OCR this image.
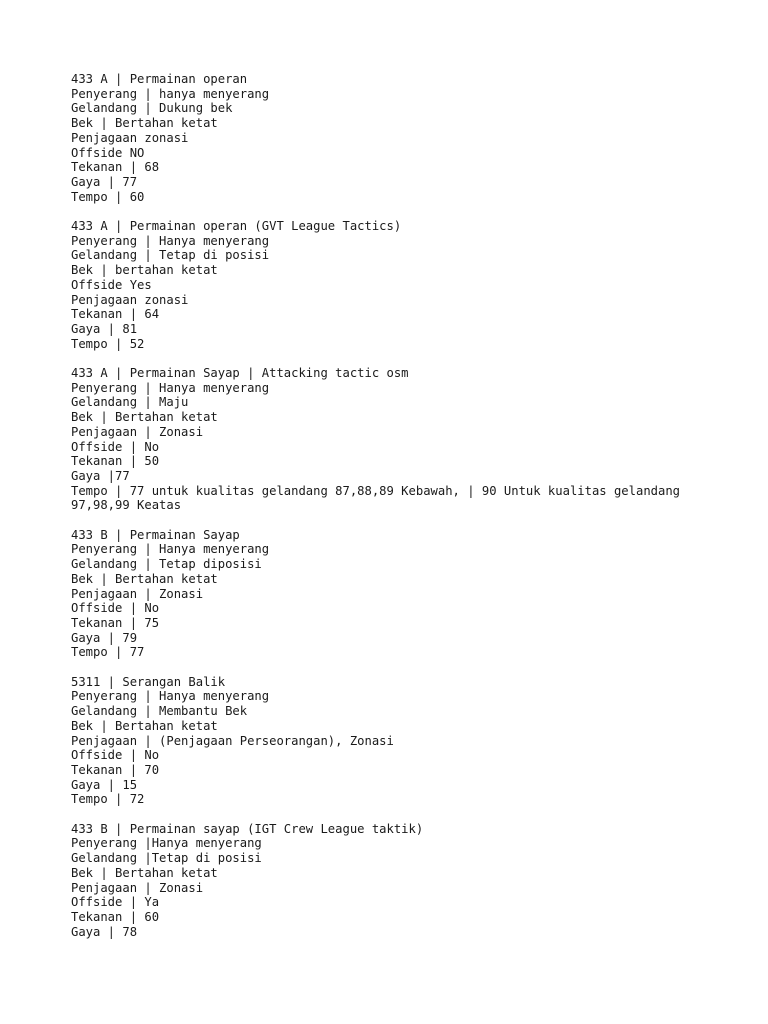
433 A | Permainan operan
Penyerang | hanya menyerang
Gelandang | Dukung bek
Bek | Bertahan ketat
Penjagaan zonasi
Offside NO
Tekanan | 68
Gaya | 77
Tempo | 60
433 A | Permainan operan (GVT League Tactics)
Penyerang | Hanya menyerang
Gelandang | Tetap di posisi
Bek | bertahan ketat
Offside Yes
Penjagaan zonasi
Tekanan | 64
Gaya | 81
Tempo | 52
433 A | Permainan Sayap | Attacking tactic osm
Penyerang | Hanya menyerang
Gelandang | Maju
Bek | Bertahan ketat
Penjagaan | Zonasi
Offside | No
Tekanan | 50
Gaya |77
Tempo | 77 untuk kualitas gelandang 87,88,89 Kebawah, | 90 Untuk kualitas gelandang
97,98,99 Keatas
433 B | Permainan Sayap
Penyerang | Hanya menyerang
Gelandang | Tetap diposisi
Bek | Bertahan ketat
Penjagaan | Zonasi
Offside | No
Tekanan | 75
Gaya | 79
Tempo | 77
5311 | Serangan Balik
Penyerang | Hanya menyerang
Gelandang | Membantu Bek
Bek | Bertahan ketat
Penjagaan | (Penjagaan Perseorangan), Zonasi
Offside | No
Tekanan | 70
Gaya | 15
Tempo | 72
433 B | Permainan sayap (IGT Crew League taktik)
Penyerang |Hanya menyerang
Gelandang |Tetap di posisi
Bek | Bertahan ketat
Penjagaan | Zonasi
Offside | Ya
Tekanan | 60
Gaya | 78
